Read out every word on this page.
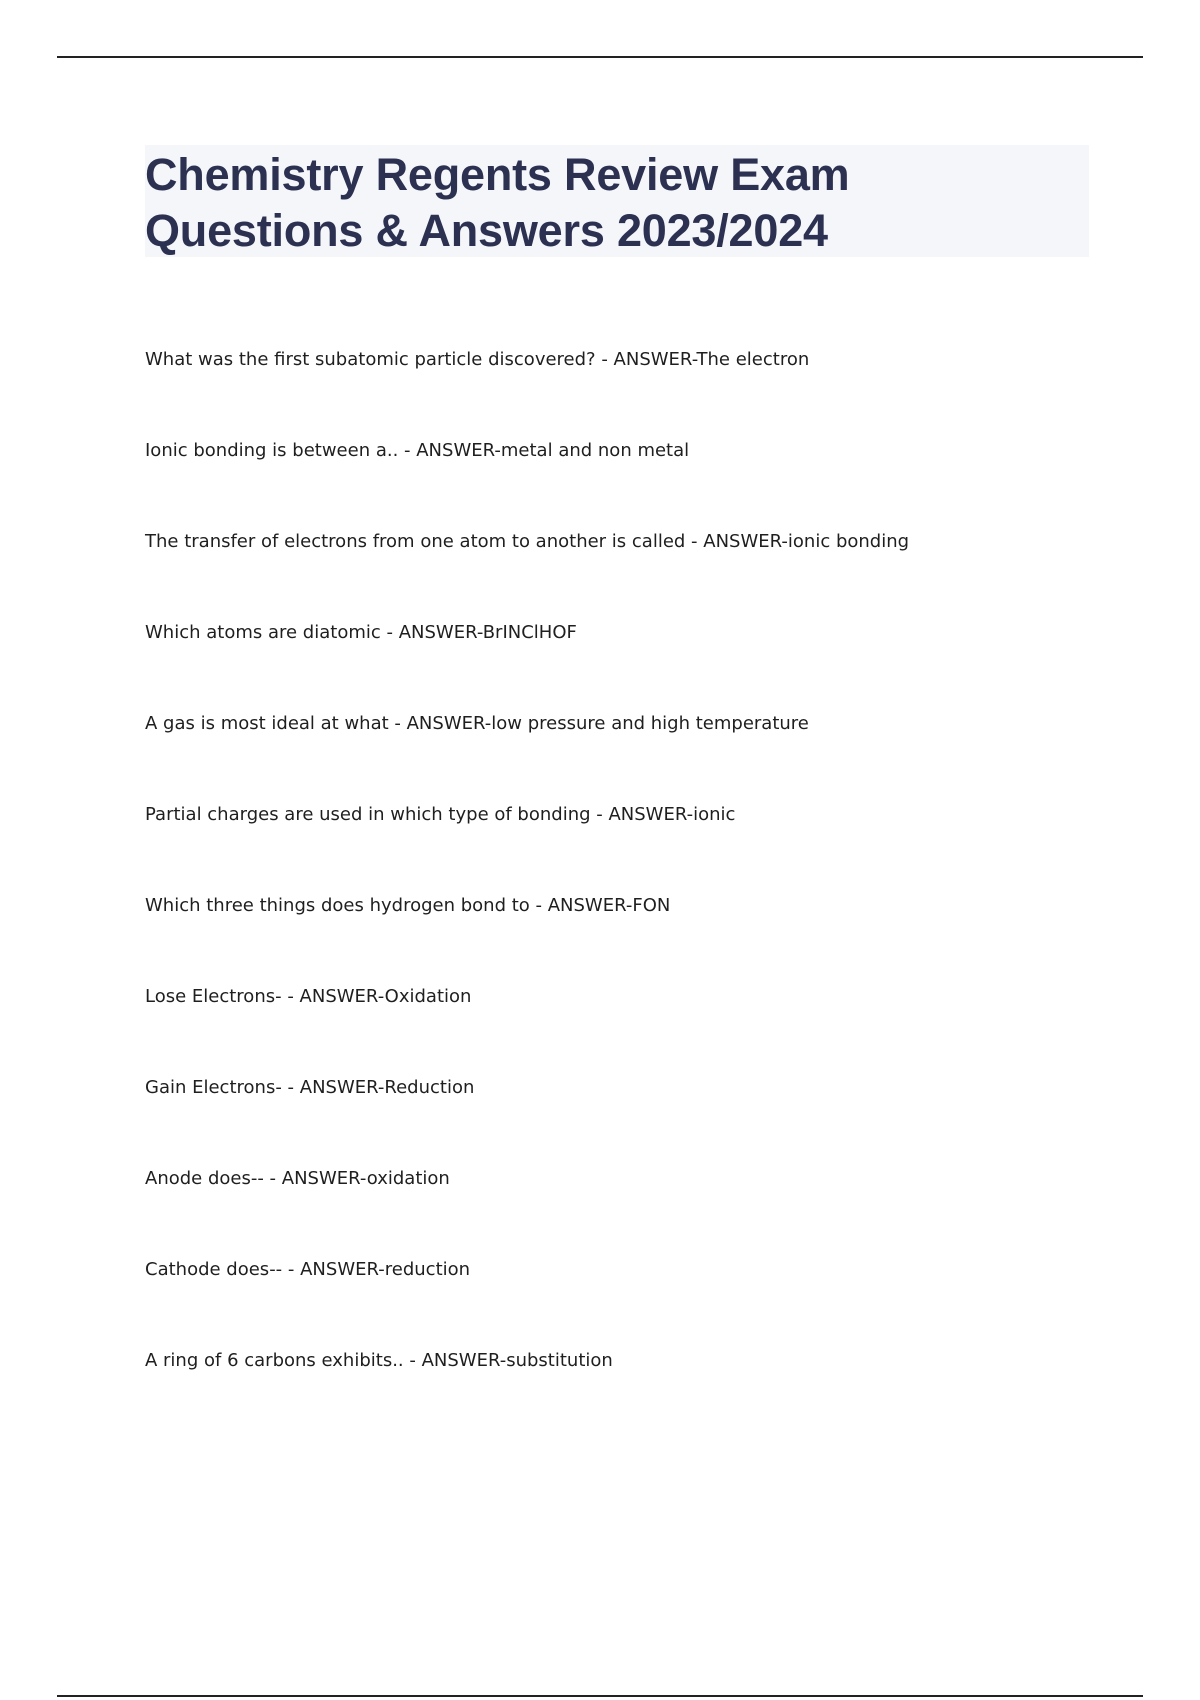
Chemistry Regents Review Exam
Questions & Answers 2023/2024
What was the first subatomic particle discovered? - ANSWER-The electron
Ionic bonding is between a.. - ANSWER-metal and non metal
The transfer of electrons from one atom to another is called - ANSWER-ionic bonding
Which atoms are diatomic - ANSWER-BrINClHOF
A gas is most ideal at what - ANSWER-low pressure and high temperature
Partial charges are used in which type of bonding - ANSWER-ionic
Which three things does hydrogen bond to - ANSWER-FON
Lose Electrons- - ANSWER-Oxidation
Gain Electrons- - ANSWER-Reduction
Anode does-- - ANSWER-oxidation
Cathode does-- - ANSWER-reduction
A ring of 6 carbons exhibits.. - ANSWER-substitution
